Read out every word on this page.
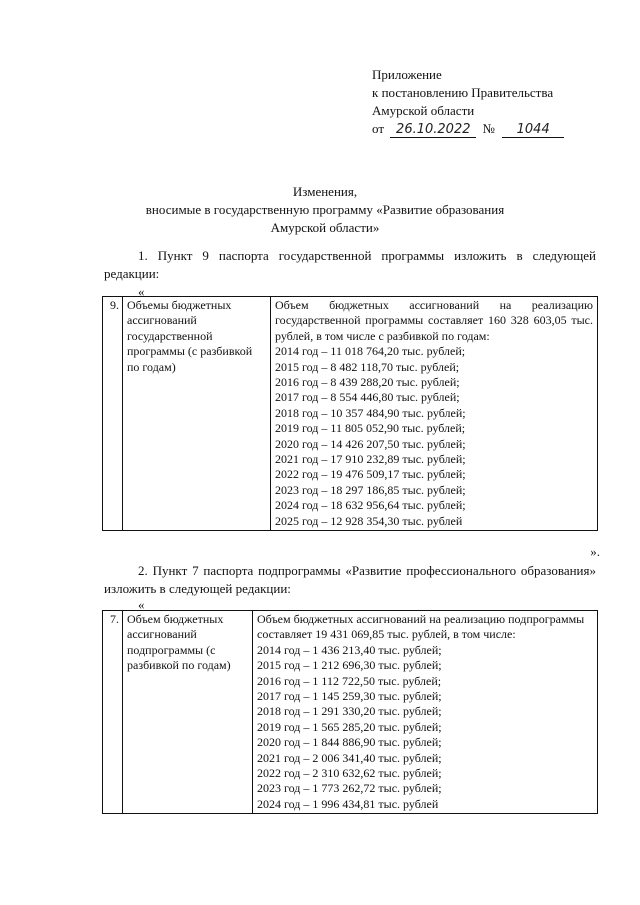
Приложение
к постановлению Правительства
Амурской области
от 26.10.2022 № 1044
Изменения,
вносимые в государственную программу «Развитие образования
Амурской области»
1. Пункт 9 паспорта государственной программы изложить в следующей редакции:
«
9.	Объемы бюджетных ассигнований государственной программы (с разбивкой по годам)	
Объем бюджетных ассигнований на реализацию государственной программы составляет 160 328 603,05 тыс. рублей, в том числе с разбивкой по годам:
2014 год – 11 018 764,20 тыс. рублей;
2015 год – 8 482 118,70 тыс. рублей;
2016 год – 8 439 288,20 тыс. рублей;
2017 год – 8 554 446,80 тыс. рублей;
2018 год – 10 357 484,90 тыс. рублей;
2019 год – 11 805 052,90 тыс. рублей;
2020 год – 14 426 207,50 тыс. рублей;
2021 год – 17 910 232,89 тыс. рублей;
2022 год – 19 476 509,17 тыс. рублей;
2023 год – 18 297 186,85 тыс. рублей;
2024 год – 18 632 956,64 тыс. рублей;
2025 год – 12 928 354,30 тыс. рублей
».
2. Пункт 7 паспорта подпрограммы «Развитие профессионального образования» изложить в следующей редакции:
«
7.	Объем бюджетных ассигнований подпрограммы (с разбивкой по годам)	
Объем бюджетных ассигнований на реализацию подпрограммы составляет 19 431 069,85 тыс. рублей, в том числе:
2014 год – 1 436 213,40 тыс. рублей;
2015 год – 1 212 696,30 тыс. рублей;
2016 год – 1 112 722,50 тыс. рублей;
2017 год – 1 145 259,30 тыс. рублей;
2018 год – 1 291 330,20 тыс. рублей;
2019 год – 1 565 285,20 тыс. рублей;
2020 год – 1 844 886,90 тыс. рублей;
2021 год – 2 006 341,40 тыс. рублей;
2022 год – 2 310 632,62 тыс. рублей;
2023 год – 1 773 262,72 тыс. рублей;
2024 год – 1 996 434,81 тыс. рублей
